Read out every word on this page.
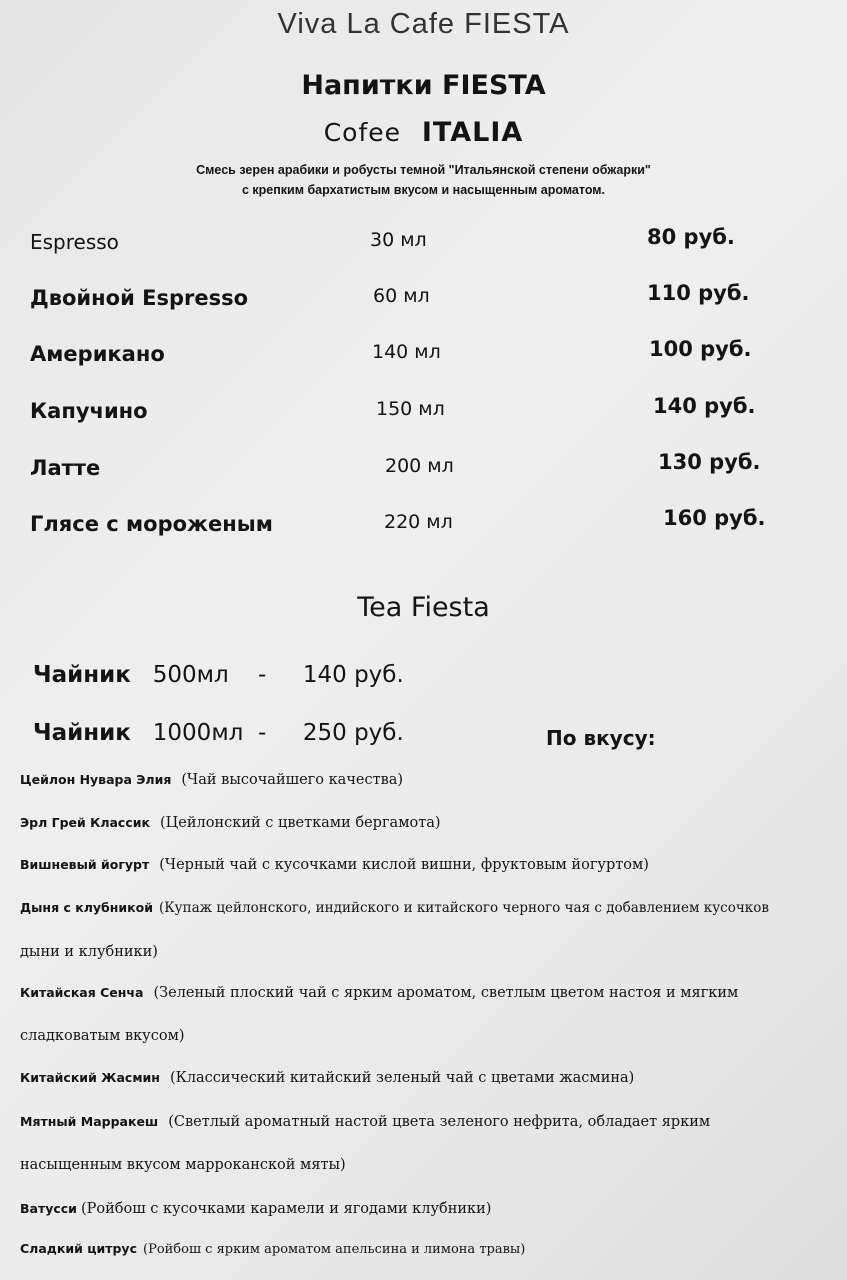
Viva La Cafe FIESTA
Напитки FIESTA
Cofee ITALIA
Смесь зерен арабики и робусты темной "Итальянской степени обжарки"
с крепким бархатистым вкусом и насыщенным ароматом.
Espresso	30 мл	80 руб.
Двойной Espresso	60 мл	110 руб.
Американо	140 мл	100 руб.
Капучино	150 мл	140 руб.
Латте	200 мл	130 руб.
Глясе с мороженым	220 мл	160 руб.
Tea Fiesta
Чайник 500мл - 140 руб.
Чайник 1000мл - 250 руб.	По вкусу:
Цейлон Нувара Элия (Чай высочайшего качества)
Эрл Грей Классик (Цейлонский с цветками бергамота)
Вишневый йогурт (Черный чай с кусочками кислой вишни, фруктовым йогуртом)
Дыня с клубникой (Купаж цейлонского, индийского и китайского черного чая с добавлением кусочков
дыни и клубники)
Китайская Сенча (Зеленый плоский чай с ярким ароматом, светлым цветом настоя и мягким
сладковатым вкусом)
Китайский Жасмин (Классический китайский зеленый чай с цветами жасмина)
Мятный Марракеш (Светлый ароматный настой цвета зеленого нефрита, обладает ярким
насыщенным вкусом марроканской мяты)
Ватусси (Ройбош с кусочками карамели и ягодами клубники)
Сладкий цитрус (Ройбош с ярким ароматом апельсина и лимона травы)
